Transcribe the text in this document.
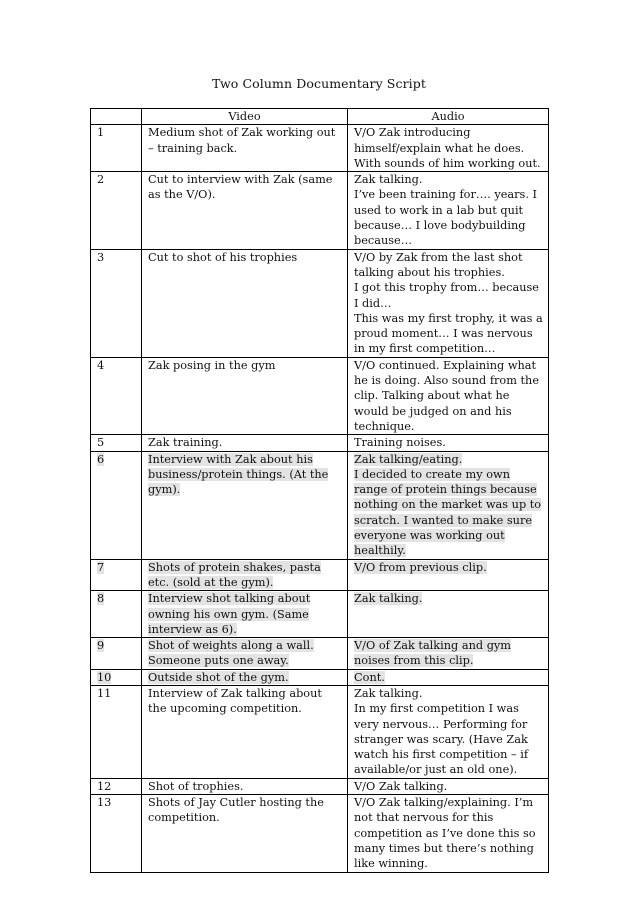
Two Column Documentary Script
	Video	Audio
1	Medium shot of Zak working out – training back.	V/O Zak introducing himself/explain what he does. With sounds of him working out.

2	Cut to interview with Zak (same as the V/O).	Zak talking.
I’ve been training for…. years. I used to work in a lab but quit because… I love bodybuilding because…

3	Cut to shot of his trophies	V/O by Zak from the last shot talking about his trophies.
I got this trophy from… because I did…
This was my first trophy, it was a proud moment… I was nervous in my first competition…

4	Zak posing in the gym	V/O continued. Explaining what he is doing. Also sound from the clip. Talking about what he would be judged on and his technique.

5	Zak training.	Training noises.

6	Interview with Zak about his business/protein things. (At the gym).	Zak talking/eating.
I decided to create my own range of protein things because nothing on the market was up to scratch. I wanted to make sure everyone was working out healthily.

7	Shots of protein shakes, pasta etc. (sold at the gym).	V/O from previous clip.

8	Interview shot talking about owning his own gym. (Same interview as 6).	Zak talking.

9	Shot of weights along a wall. Someone puts one away.	V/O of Zak talking and gym noises from this clip.

10	Outside shot of the gym.	Cont.

11	Interview of Zak talking about the upcoming competition.	Zak talking.
In my first competition I was very nervous… Performing for stranger was scary. (Have Zak watch his first competition – if available/or just an old one).

12	Shot of trophies.	V/O Zak talking.

13	Shots of Jay Cutler hosting the competition.	V/O Zak talking/explaining. I’m not that nervous for this competition as I’ve done this so many times but there’s nothing like winning.
